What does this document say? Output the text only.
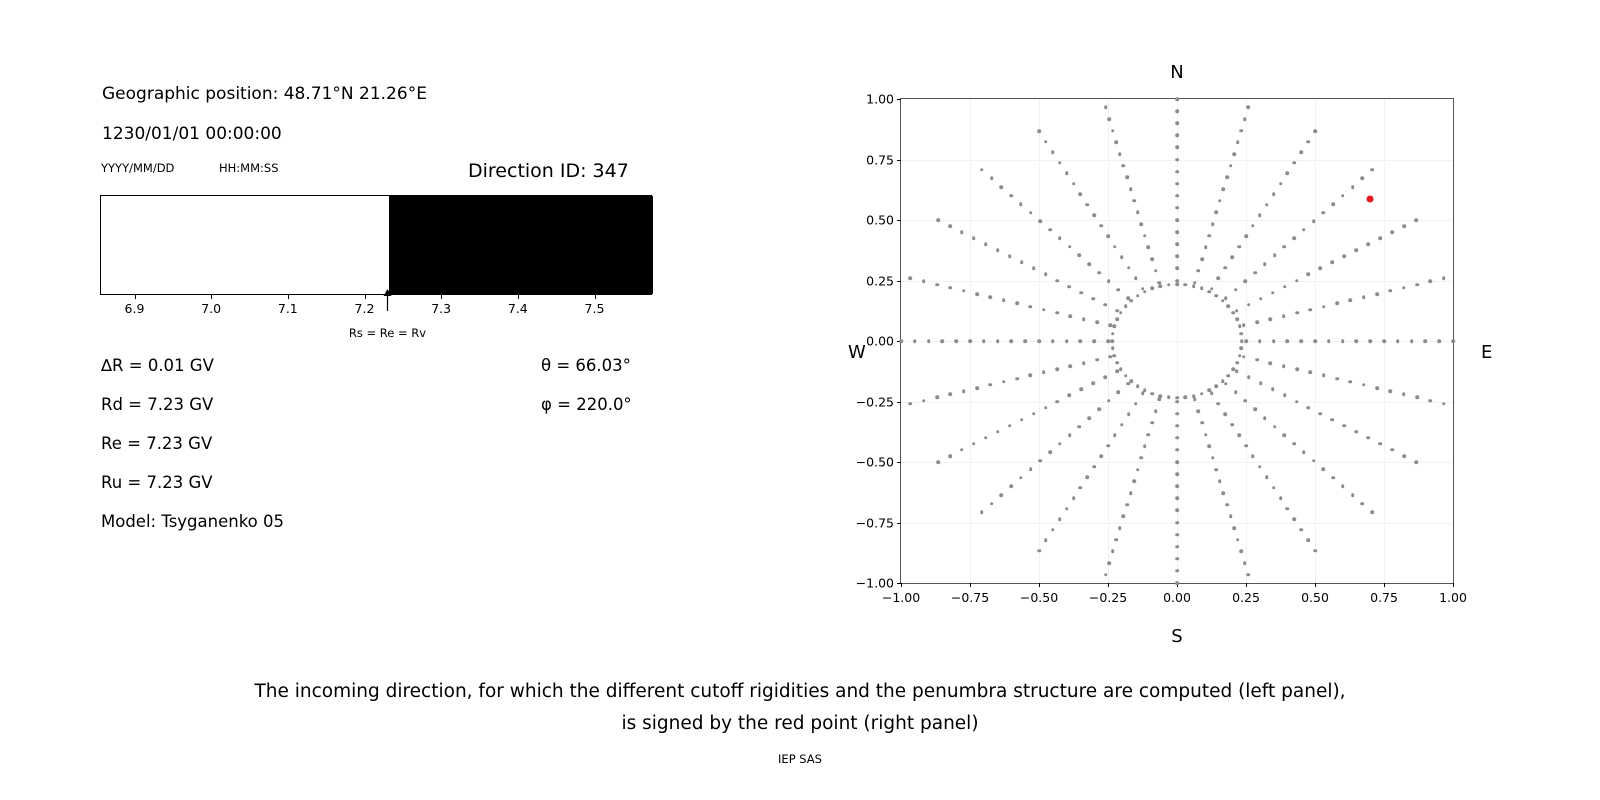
Geographic position: 48.71°N 21.26°E
1230/01/01 00:00:00
YYYY/MM/DD	HH:MM:SS	Direction ID: 347
Rs = Re = Rv
6.9	7.0	7.1	7.2	7.3	7.4	7.5
∆R = 0.01 GV
Rd = 7.23 GV
Re = 7.23 GV
Ru = 7.23 GV
Model: Tsyganenko 05
θ = 66.03°
φ = 220.0°
N
S
W	E
−1.00 −0.75 −0.50 −0.25	0.00	0.25	0.50	0.75	1.00
−1.00
−0.75
−0.50
−0.25
0.00
0.25
0.50
0.75
1.00
The incoming direction, for which the different cutoff rigidities and the penumbra structure are computed (left panel),
is signed by the red point (right panel)
IEP SAS
